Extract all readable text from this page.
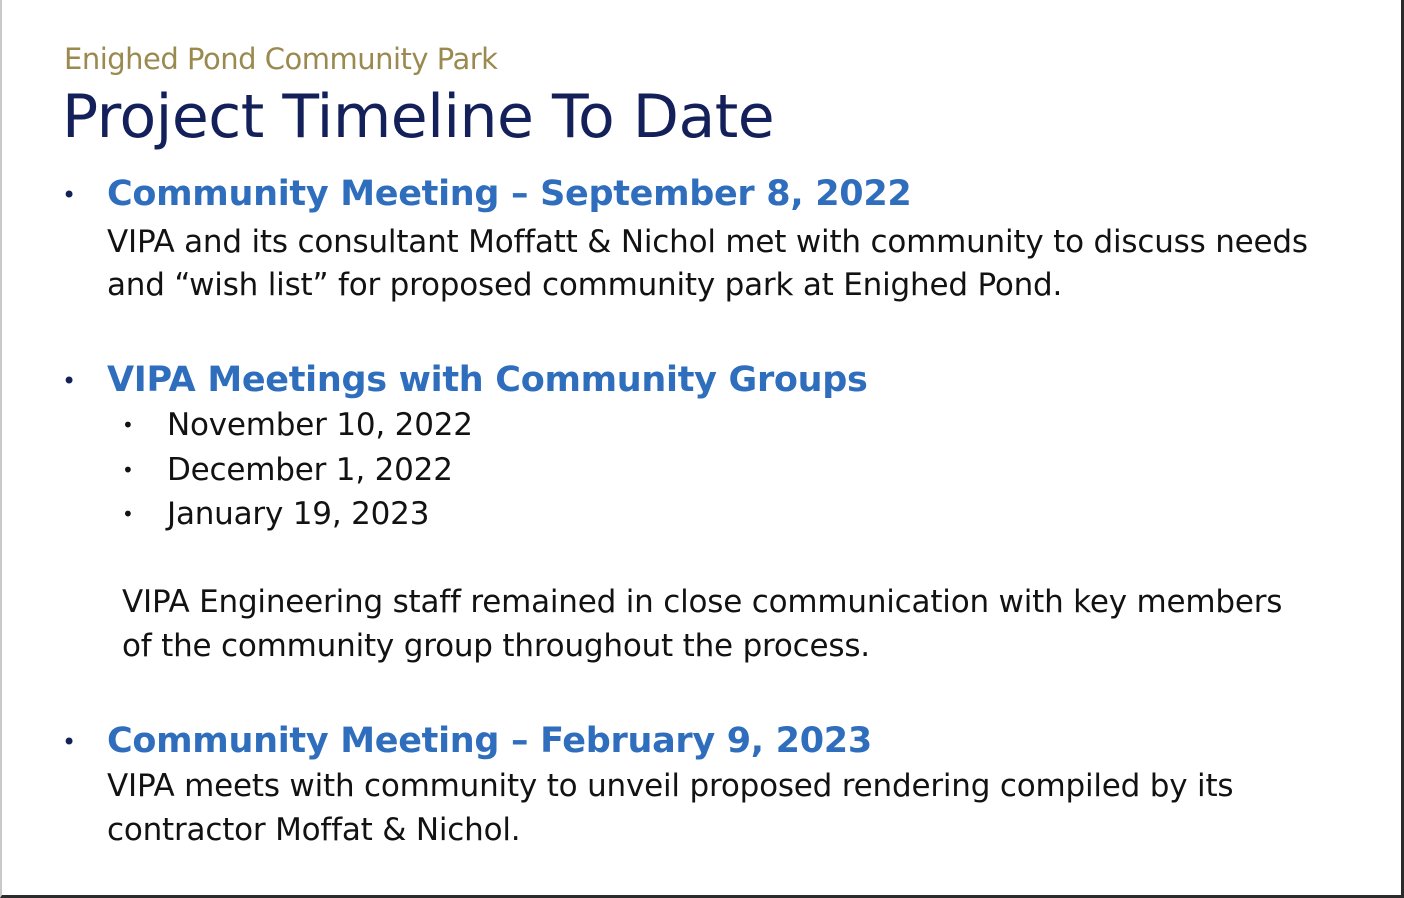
Enighed Pond Community Park
Project Timeline To Date
• Community Meeting – September 8, 2022
VIPA and its consultant Moffatt & Nichol met with community to discuss needs
and “wish list” for proposed community park at Enighed Pond.
• VIPA Meetings with Community Groups
• November 10, 2022
• December 1, 2022
• January 19, 2023
VIPA Engineering staff remained in close communication with key members
of the community group throughout the process.
• Community Meeting – February 9, 2023
VIPA meets with community to unveil proposed rendering compiled by its
contractor Moffat & Nichol.
